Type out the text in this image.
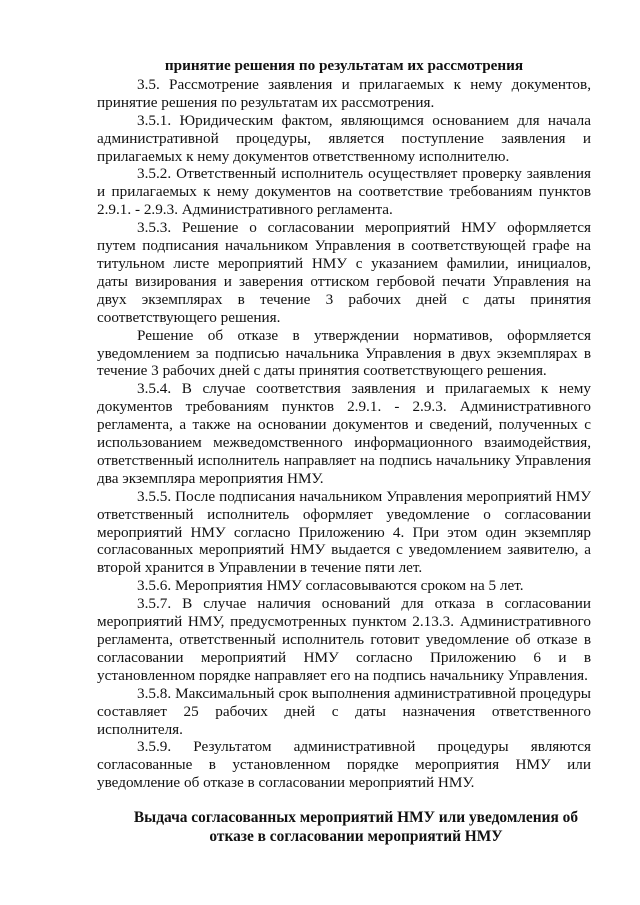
принятие решения по результатам их рассмотрения

3.5. Рассмотрение заявления и прилагаемых к нему документов, принятие решения по результатам их рассмотрения.

3.5.1. Юридическим фактом, являющимся основанием для начала административной процедуры, является поступление заявления и прилагаемых к нему документов ответственному исполнителю.

3.5.2. Ответственный исполнитель осуществляет проверку заявления и прилагаемых к нему документов на соответствие требованиям пунктов 2.9.1. - 2.9.3. Административного регламента.

3.5.3. Решение о согласовании мероприятий НМУ оформляется путем подписания начальником Управления в соответствующей графе на титульном листе мероприятий НМУ с указанием фамилии, инициалов, даты визирования и заверения оттиском гербовой печати Управления на двух экземплярах в течение 3 рабочих дней с даты принятия соответствующего решения.

Решение об отказе в утверждении нормативов, оформляется уведомлением за подписью начальника Управления в двух экземплярах в течение 3 рабочих дней с даты принятия соответствующего решения.

3.5.4. В случае соответствия заявления и прилагаемых к нему документов требованиям пунктов 2.9.1. - 2.9.3. Административного регламента, а также на основании документов и сведений, полученных с использованием межведомственного информационного взаимодействия, ответственный исполнитель направляет на подпись начальнику Управления два экземпляра мероприятия НМУ.

3.5.5. После подписания начальником Управления мероприятий НМУ ответственный исполнитель оформляет уведомление о согласовании мероприятий НМУ согласно Приложению 4. При этом один экземпляр согласованных мероприятий НМУ выдается с уведомлением заявителю, а второй хранится в Управлении в течение пяти лет.

3.5.6. Мероприятия НМУ согласовываются сроком на 5 лет.

3.5.7. В случае наличия оснований для отказа в согласовании мероприятий НМУ, предусмотренных пунктом 2.13.3. Административного регламента, ответственный исполнитель готовит уведомление об отказе в согласовании мероприятий НМУ согласно Приложению 6 и в установленном порядке направляет его на подпись начальнику Управления.

3.5.8. Максимальный срок выполнения административной процедуры составляет 25 рабочих дней с даты назначения ответственного исполнителя.

3.5.9. Результатом административной процедуры являются согласованные в установленном порядке мероприятия НМУ или уведомление об отказе в согласовании мероприятий НМУ.

Выдача согласованных мероприятий НМУ или уведомления об отказе в согласовании мероприятий НМУ
